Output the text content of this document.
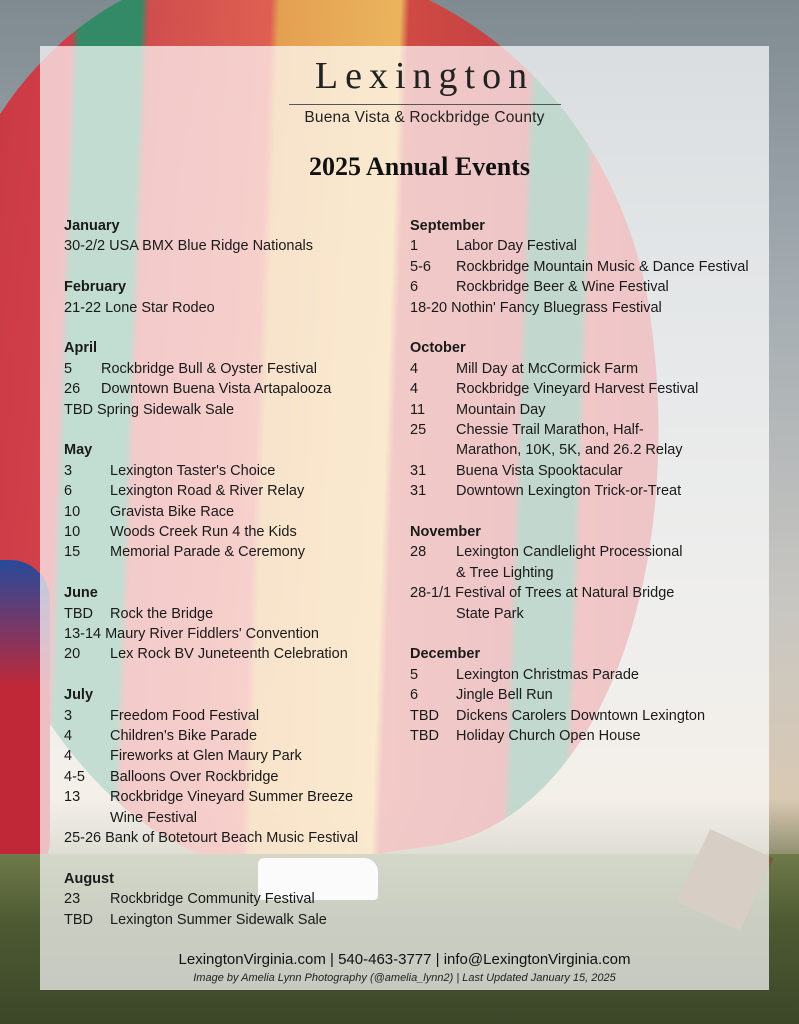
Lexington
Buena Vista & Rockbridge County
2025 Annual Events
January
30-2/2 USA BMX Blue Ridge Nationals
February
21-22 Lone Star Rodeo
April
5	Rockbridge Bull & Oyster Festival
26	Downtown Buena Vista Artapalooza
TBD Spring Sidewalk Sale
May
3	Lexington Taster's Choice
6	Lexington Road & River Relay
10	Gravista Bike Race
10	Woods Creek Run 4 the Kids
15	Memorial Parade & Ceremony
June
TBD	Rock the Bridge
13-14 Maury River Fiddlers' Convention
20	Lex Rock BV Juneteenth Celebration
July
3	Freedom Food Festival
4	Children's Bike Parade
4	Fireworks at Glen Maury Park
4-5	Balloons Over Rockbridge
13	Rockbridge Vineyard Summer Breeze
Wine Festival
25-26 Bank of Botetourt Beach Music Festival
August
23	Rockbridge Community Festival
TBD	Lexington Summer Sidewalk Sale
September
1	Labor Day Festival
5-6	Rockbridge Mountain Music & Dance Festival
6	Rockbridge Beer & Wine Festival
18-20 Nothin' Fancy Bluegrass Festival
October
4	Mill Day at McCormick Farm
4	Rockbridge Vineyard Harvest Festival
11	Mountain Day
25	Chessie Trail Marathon, Half-
Marathon, 10K, 5K, and 26.2 Relay
31	Buena Vista Spooktacular
31	Downtown Lexington Trick-or-Treat
November
28	Lexington Candlelight Processional
& Tree Lighting
28-1/1 Festival of Trees at Natural Bridge
State Park
December
5	Lexington Christmas Parade
6	Jingle Bell Run
TBD	Dickens Carolers Downtown Lexington
TBD	Holiday Church Open House
LexingtonVirginia.com | 540-463-3777 | info@LexingtonVirginia.com
Image by Amelia Lynn Photography (@amelia_lynn2) | Last Updated January 15, 2025
